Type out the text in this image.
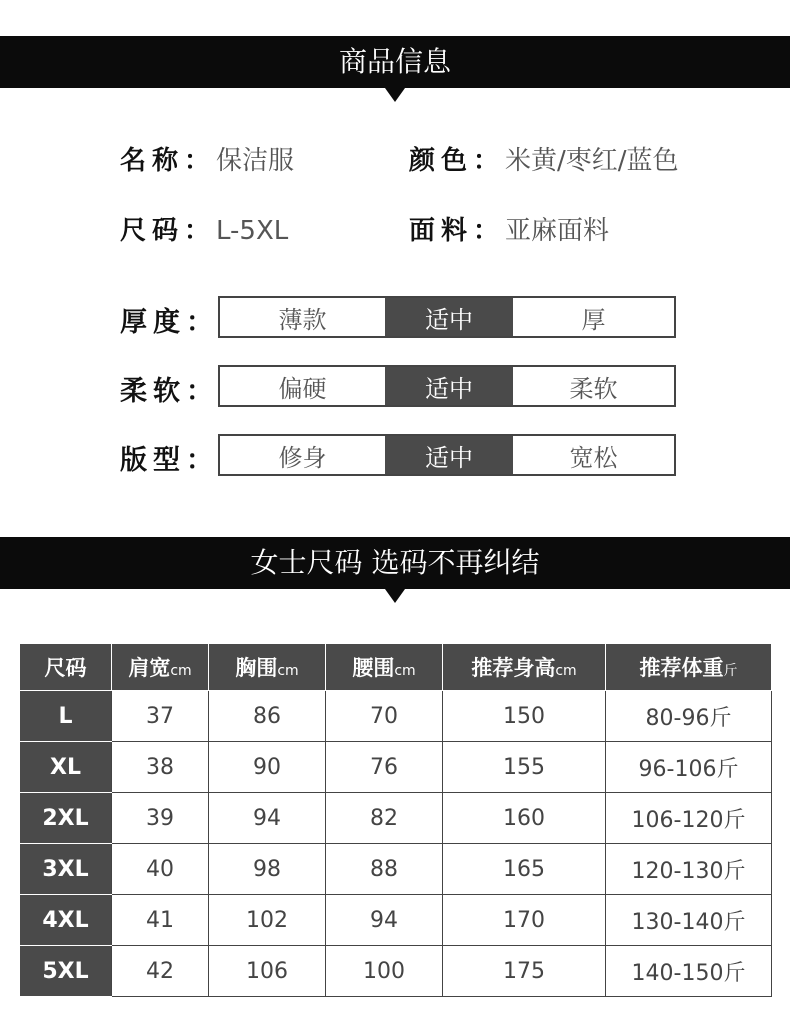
商品信息
名称：保洁服	颜色：米黄/枣红/蓝色
尺码：L-5XL	面料：亚麻面料
厚度：	薄款	适中	厚
柔软：	偏硬	适中	柔软
版型：	修身	适中	宽松
女士尺码 选码不再纠结
尺码	肩宽cm	胸围cm	腰围cm	推荐身高cm	推荐体重斤
L	37	86	70	150	80-96斤
XL	38	90	76	155	96-106斤
2XL	39	94	82	160	106-120斤
3XL	40	98	88	165	120-130斤
4XL	41	102	94	170	130-140斤
5XL	42	106	100	175	140-150斤
